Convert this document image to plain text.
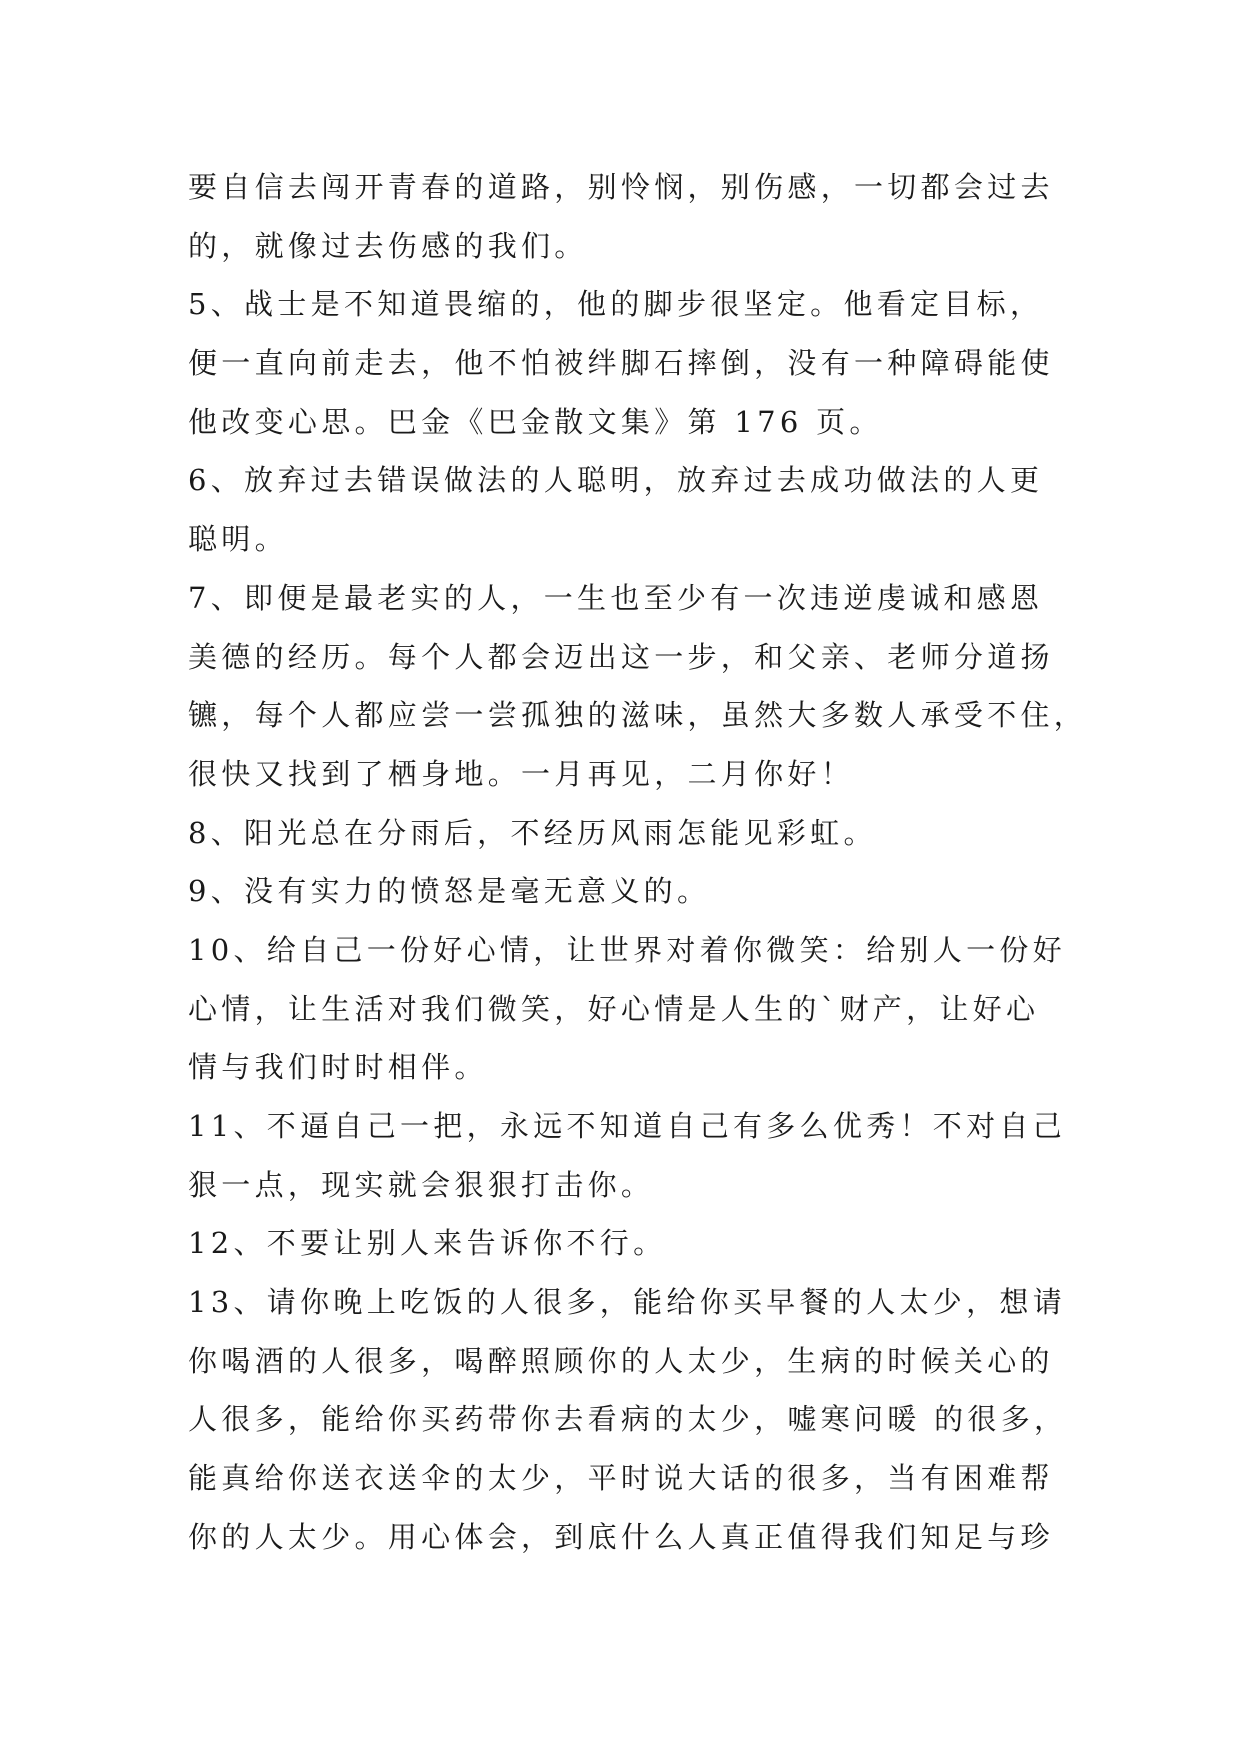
要自信去闯开青春的道路，别怜悯，别伤感，一切都会过去
的，就像过去伤感的我们。
5、战士是不知道畏缩的，他的脚步很坚定。他看定目标，
便一直向前走去，他不怕被绊脚石摔倒，没有一种障碍能使
他改变心思。巴金《巴金散文集》第 176 页。
6、放弃过去错误做法的人聪明，放弃过去成功做法的人更
聪明。
7、即便是最老实的人，一生也至少有一次违逆虔诚和感恩
美德的经历。每个人都会迈出这一步，和父亲、老师分道扬
镳，每个人都应尝一尝孤独的滋味，虽然大多数人承受不住，
很快又找到了栖身地。一月再见，二月你好！
8、阳光总在分雨后，不经历风雨怎能见彩虹。
9、没有实力的愤怒是毫无意义的。
10、给自己一份好心情，让世界对着你微笑：给别人一份好
心情，让生活对我们微笑，好心情是人生的`财产，让好心
情与我们时时相伴。
11、不逼自己一把，永远不知道自己有多么优秀！不对自己
狠一点，现实就会狠狠打击你。
12、不要让别人来告诉你不行。
13、请你晚上吃饭的人很多，能给你买早餐的人太少，想请
你喝酒的人很多，喝醉照顾你的人太少，生病的时候关心的
人很多，能给你买药带你去看病的太少，嘘寒问暖 的很多，
能真给你送衣送伞的太少，平时说大话的很多，当有困难帮
你的人太少。用心体会，到底什么人真正值得我们知足与珍
